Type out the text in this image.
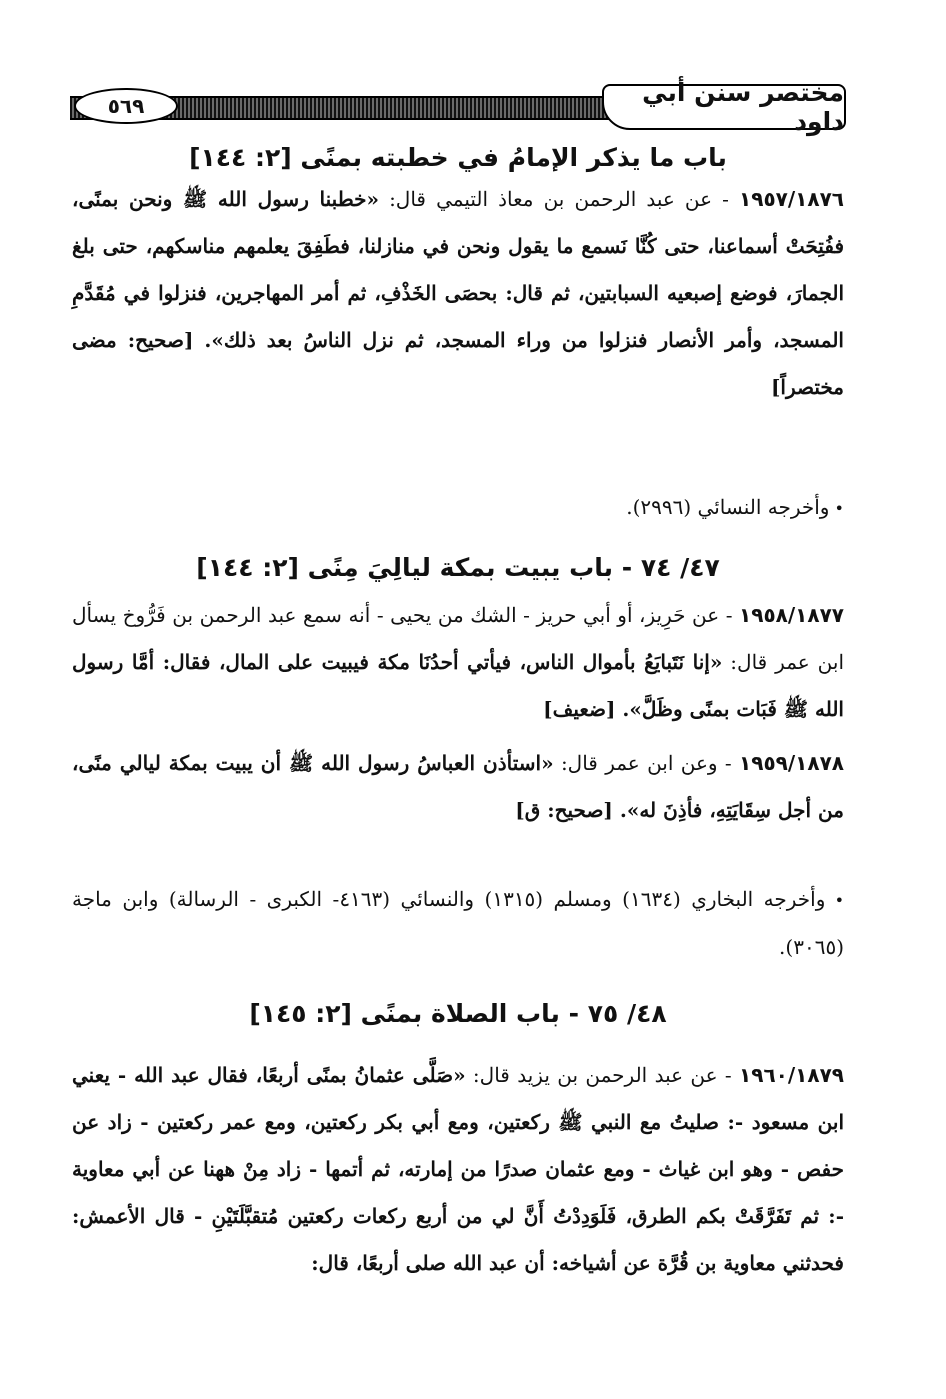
مختصر سنن أبي داود
٥٦٩
باب ما يذكر الإمامُ في خطبته بمنًى [٢: ١٤٤]

١٩٥٧/١٨٧٦ - عن عبد الرحمن بن معاذ التيمي قال: «خطبنا رسول الله ﷺ ونحن بمنًى، ففُتِحَتْ أسماعنا، حتى كُنَّا نَسمع ما يقول ونحن في منازلنا، فطَفِقَ يعلمهم مناسكهم، حتى بلغ الجمارَ، فوضع إصبعيه السبابتين، ثم قال: بحصَى الخَذْفِ، ثم أمر المهاجرين، فنزلوا في مُقَدَّمِ المسجد، وأمر الأنصار فنزلوا من وراء المسجد، ثم نزل الناسُ بعد ذلك». [صحيح: مضى مختصراً]

• وأخرجه النسائي (٢٩٩٦).

٤٧/ ٧٤ - باب يبيت بمكة ليالِيَ مِنًى [٢: ١٤٤]

١٩٥٨/١٨٧٧ - عن حَرِيز، أو أبي حريز - الشك من يحيى - أنه سمع عبد الرحمن بن فَرُّوخ يسأل ابن عمر قال: «إنا نَتَبايَعُ بأموال الناس، فيأتي أحدُنَا مكة فيبيت على المال، فقال: أمَّا رسول الله ﷺ فَبَات بمنًى وظَلَّ». [ضعيف]

١٩٥٩/١٨٧٨ - وعن ابن عمر قال: «استأذن العباسُ رسول الله ﷺ أن يبيت بمكة ليالي منًى، من أجل سِقَايَتِهِ، فأذِنَ له». [صحيح: ق]

• وأخرجه البخاري (١٦٣٤) ومسلم (١٣١٥) والنسائي (٤١٦٣- الكبرى - الرسالة) وابن ماجة (٣٠٦٥).

٤٨/ ٧٥ - باب الصلاة بمنًى [٢: ١٤٥]

١٩٦٠/١٨٧٩ - عن عبد الرحمن بن يزيد قال: «صَلَّى عثمانُ بمنًى أربعًا، فقال عبد الله - يعني ابن مسعود -: صليتُ مع النبي ﷺ ركعتين، ومع أبي بكر ركعتين، ومع عمر ركعتين - زاد عن حفص - وهو ابن غياث - ومع عثمان صدرًا من إمارته، ثم أتمها - زاد مِنْ ههنا عن أبي معاوية -: ثم تَفَرَّقَتْ بكم الطرق، فَلَوَدِدْتُ أَنَّ لي من أربع ركعات ركعتين مُتقبَّلَتَيْنِ - قال الأعمش: فحدثني معاوية بن قُرَّة عن أشياخه: أن عبد الله صلى أربعًا، قال:
